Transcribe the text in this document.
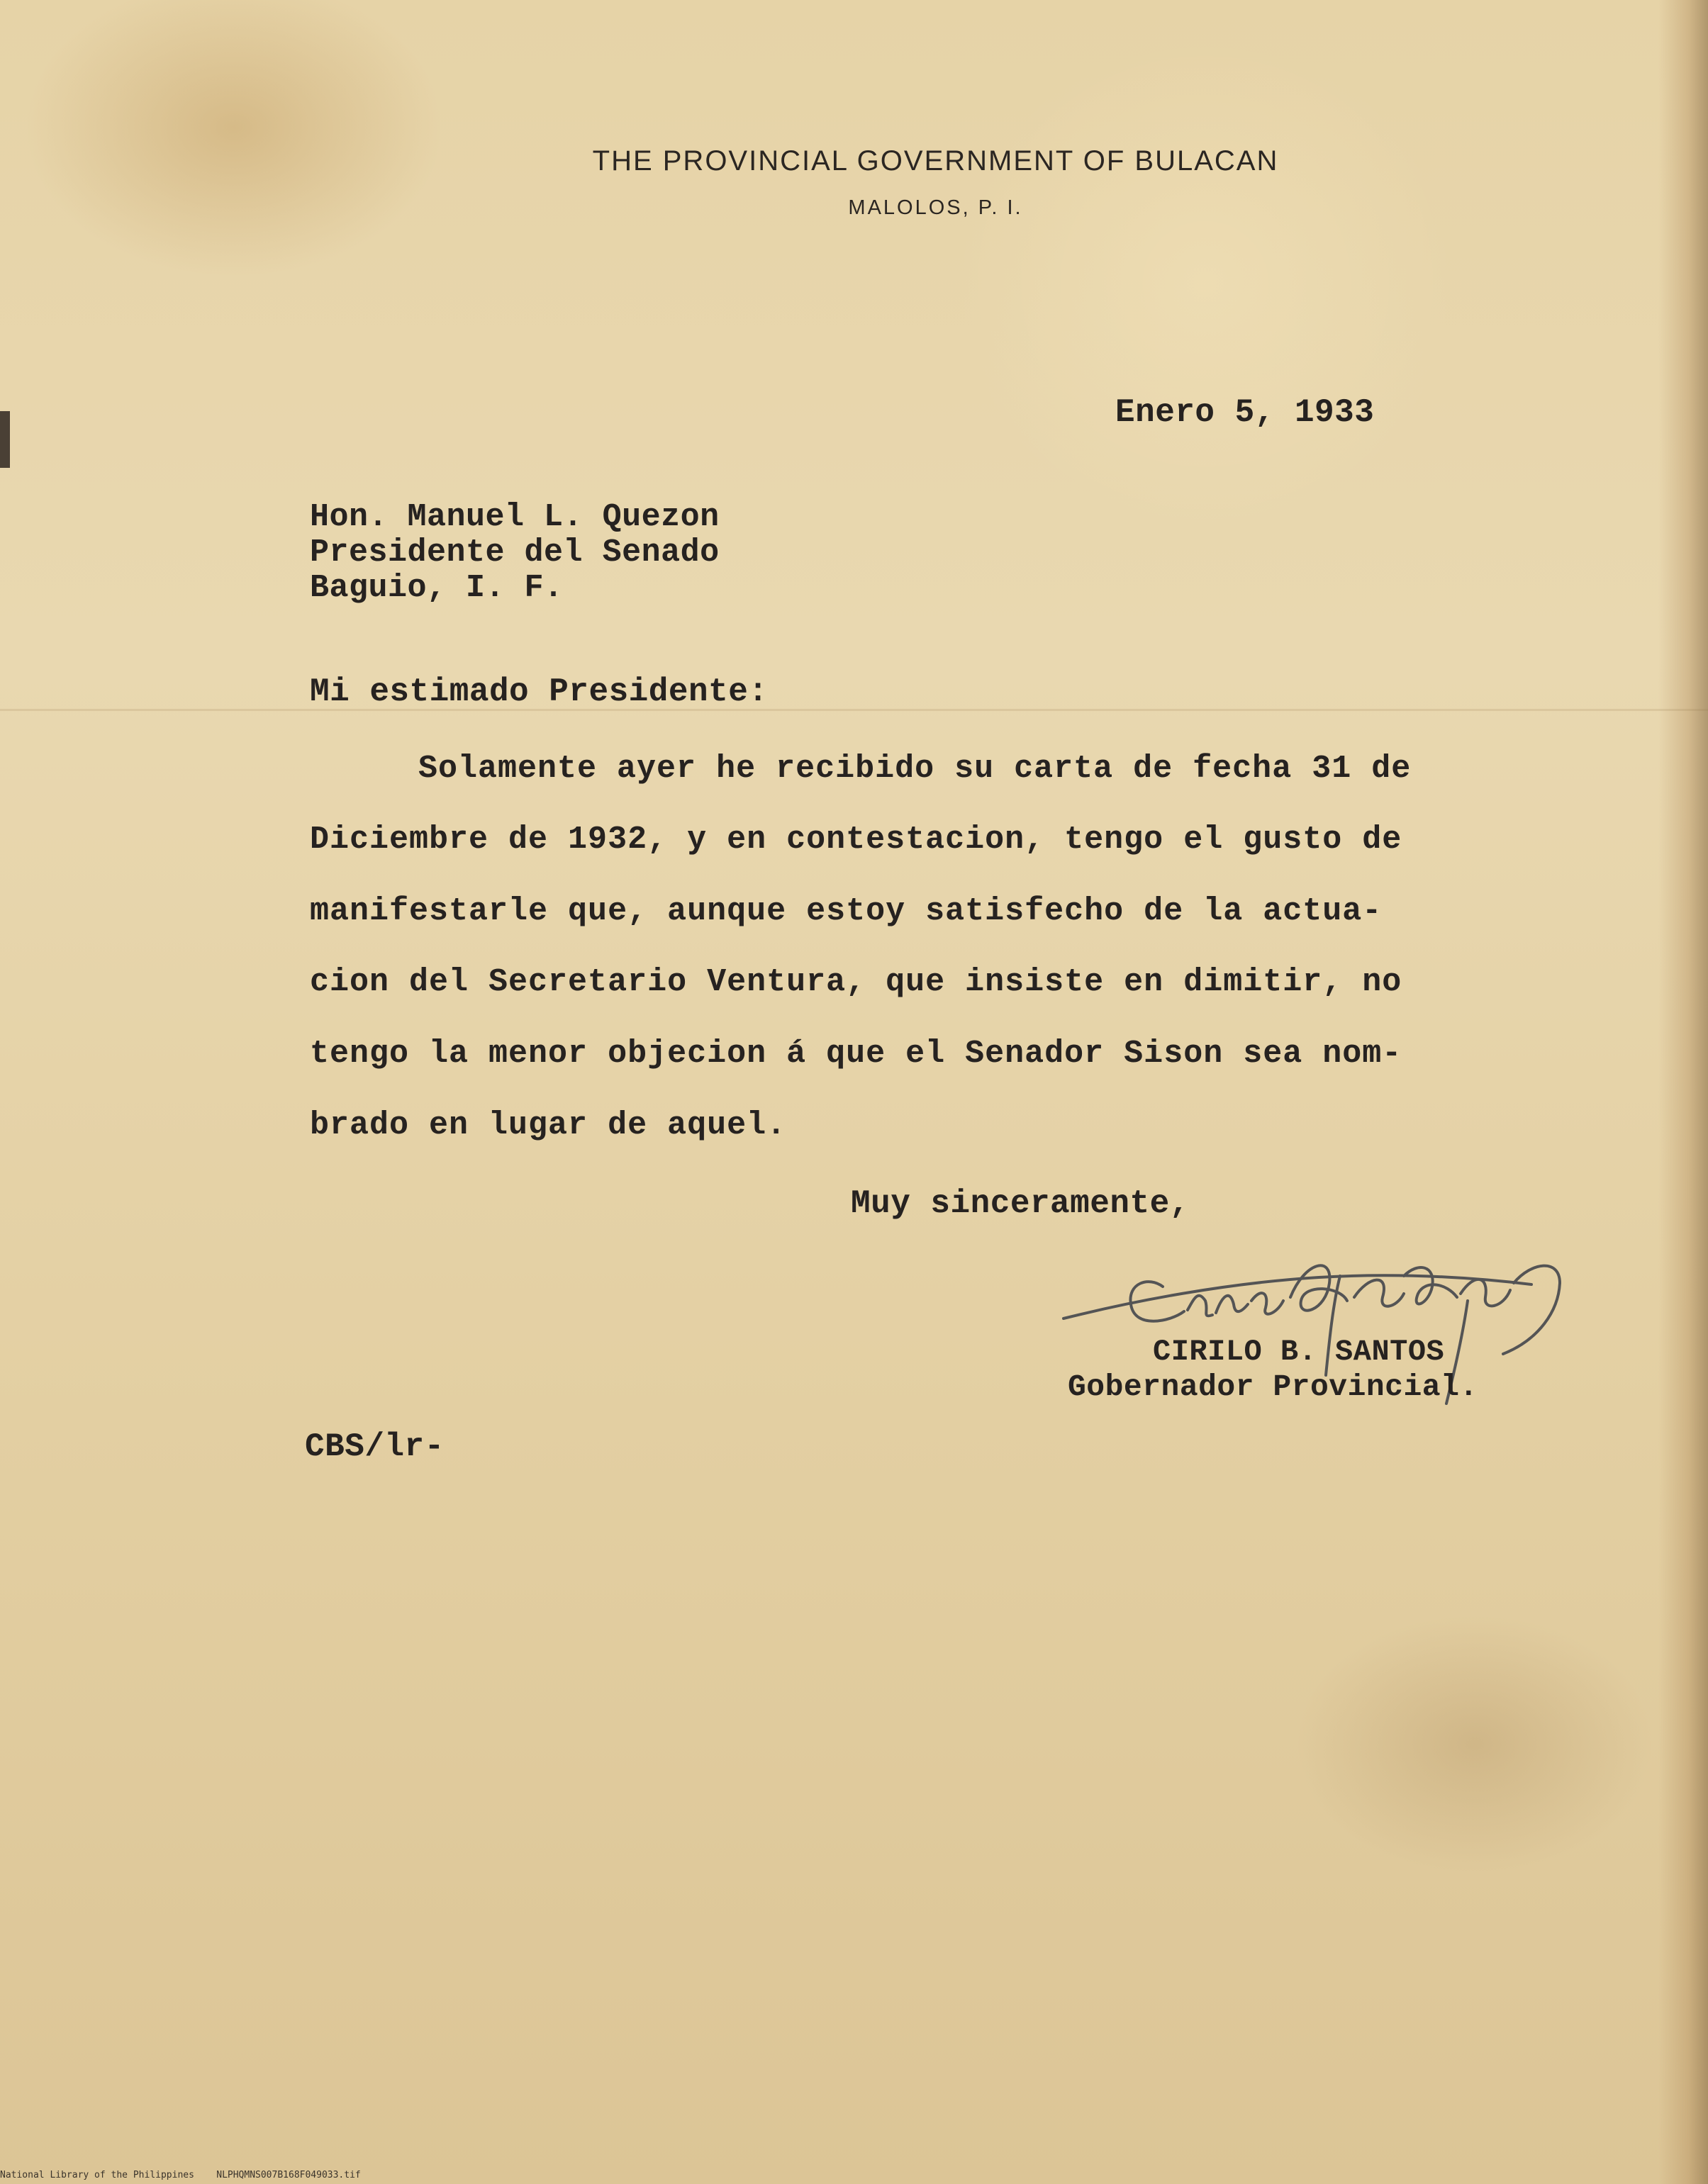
THE PROVINCIAL GOVERNMENT OF BULACAN
MALOLOS, P. I.
Enero 5, 1933
Hon. Manuel L. Quezon
Presidente del Senado
Baguio, I. F.
Mi estimado Presidente:
Solamente ayer he recibido su carta de fecha 31 de
Diciembre de 1932, y en contestacion, tengo el gusto de
manifestarle que, aunque estoy satisfecho de la actua-
cion del Secretario Ventura, que insiste en dimitir, no
tengo la menor objecion á que el Senador Sison sea nom-
brado en lugar de aquel.
Muy sinceramente,
CIRILO B. SANTOS
Gobernador Provincial.
CBS/lr-
National Library of the Philippines    NLPHQMNS007B168F049033.tif
